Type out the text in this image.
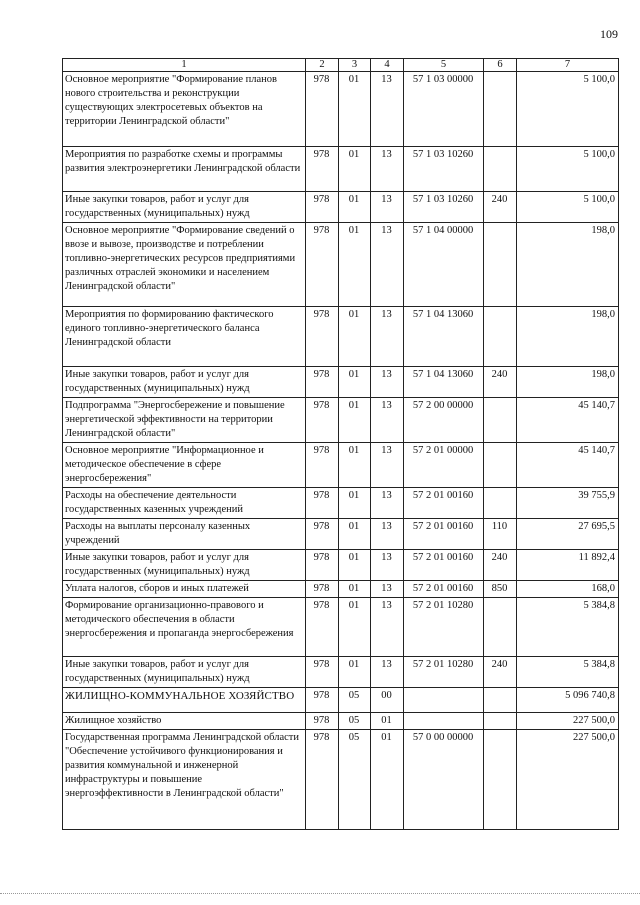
109
1	2	3	4	5	6	7
Основное мероприятие "Формирование планов нового строительства и реконструкции существующих электросетевых объектов на территории Ленинградской области"	978	01	13	57 1 03 00000		5 100,0
Мероприятия по разработке схемы и программы развития электроэнергетики Ленинградской области	978	01	13	57 1 03 10260		5 100,0
Иные закупки товаров, работ и услуг для государственных (муниципальных) нужд	978	01	13	57 1 03 10260	240	5 100,0
Основное мероприятие "Формирование сведений о ввозе и вывозе, производстве и потреблении топливно-энергетических ресурсов предприятиями различных отраслей экономики и населением Ленинградской области"	978	01	13	57 1 04 00000		198,0
Мероприятия по формированию фактического единого топливно-энергетического баланса Ленинградской области	978	01	13	57 1 04 13060		198,0
Иные закупки товаров, работ и услуг для государственных (муниципальных) нужд	978	01	13	57 1 04 13060	240	198,0
Подпрограмма "Энергосбережение и повышение энергетической эффективности на территории Ленинградской области"	978	01	13	57 2 00 00000		45 140,7
Основное мероприятие "Информационное и методическое обеспечение в сфере энергосбережения"	978	01	13	57 2 01 00000		45 140,7
Расходы на обеспечение деятельности государственных казенных учреждений	978	01	13	57 2 01 00160		39 755,9
Расходы на выплаты персоналу казенных учреждений	978	01	13	57 2 01 00160	110	27 695,5
Иные закупки товаров, работ и услуг для государственных (муниципальных) нужд	978	01	13	57 2 01 00160	240	11 892,4
Уплата налогов, сборов и иных платежей	978	01	13	57 2 01 00160	850	168,0
Формирование организационно-правового и методического обеспечения в области энергосбережения и пропаганда энергосбережения	978	01	13	57 2 01 10280		5 384,8
Иные закупки товаров, работ и услуг для государственных (муниципальных) нужд	978	01	13	57 2 01 10280	240	5 384,8
ЖИЛИЩНО-КОММУНАЛЬНОЕ ХОЗЯЙСТВО	978	05	00			5 096 740,8
Жилищное хозяйство	978	05	01			227 500,0
Государственная программа Ленинградской области "Обеспечение устойчивого функционирования и развития коммунальной и инженерной инфраструктуры и повышение энергоэффективности в Ленинградской области"	978	05	01	57 0 00 00000		227 500,0
